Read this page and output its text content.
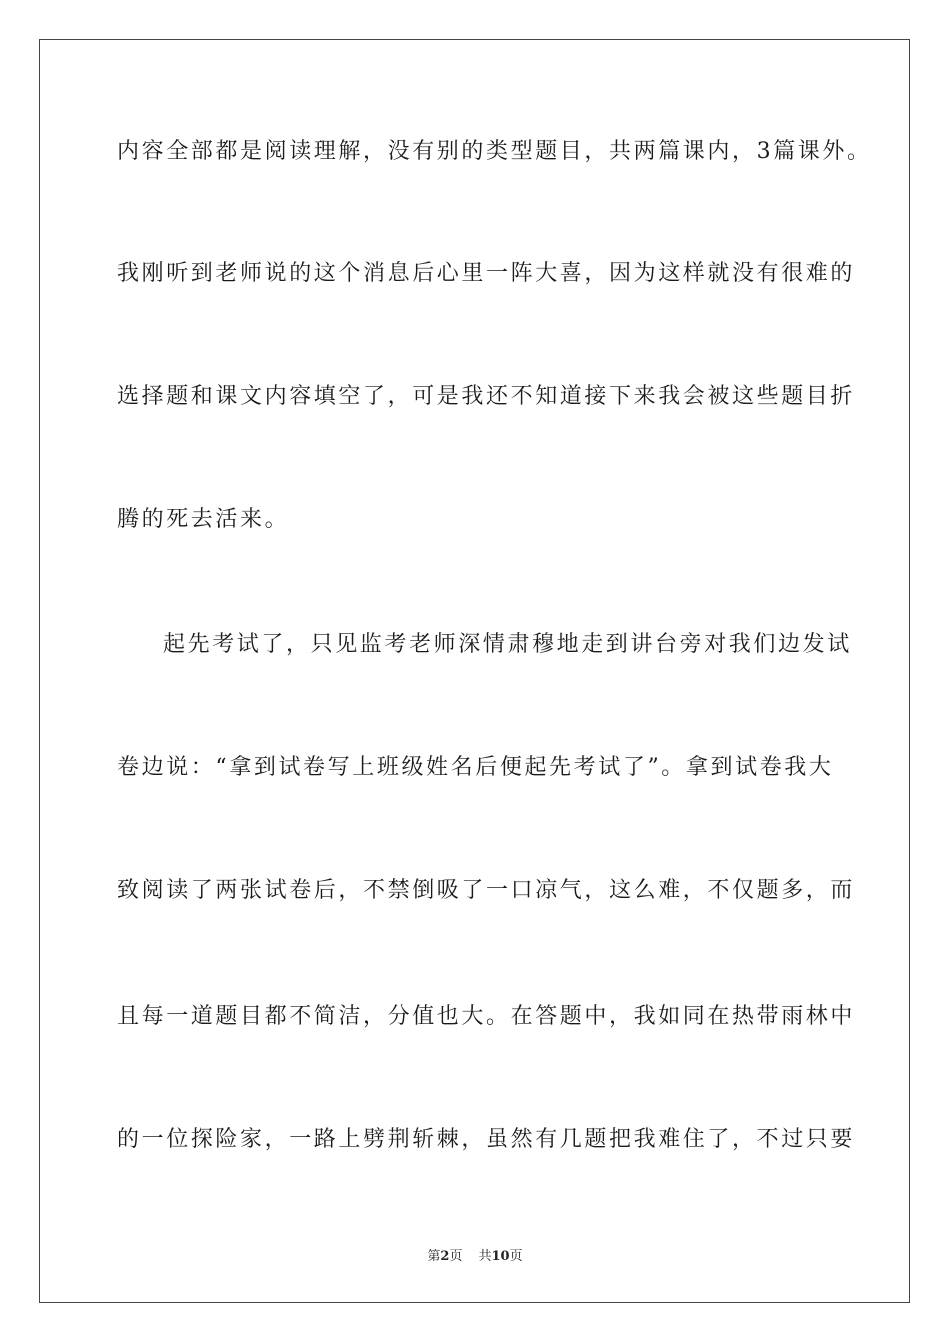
内容全部都是阅读理解，没有别的类型题目，共两篇课内，3篇课外。
我刚听到老师说的这个消息后心里一阵大喜，因为这样就没有很难的
选择题和课文内容填空了，可是我还不知道接下来我会被这些题目折
腾的死去活来。
起先考试了，只见监考老师深情肃穆地走到讲台旁对我们边发试
卷边说：“拿到试卷写上班级姓名后便起先考试了”。拿到试卷我大
致阅读了两张试卷后，不禁倒吸了一口凉气，这么难，不仅题多，而
且每一道题目都不简洁，分值也大。在答题中，我如同在热带雨林中
的一位探险家，一路上劈荆斩棘，虽然有几题把我难住了，不过只要
第2页 共10页
